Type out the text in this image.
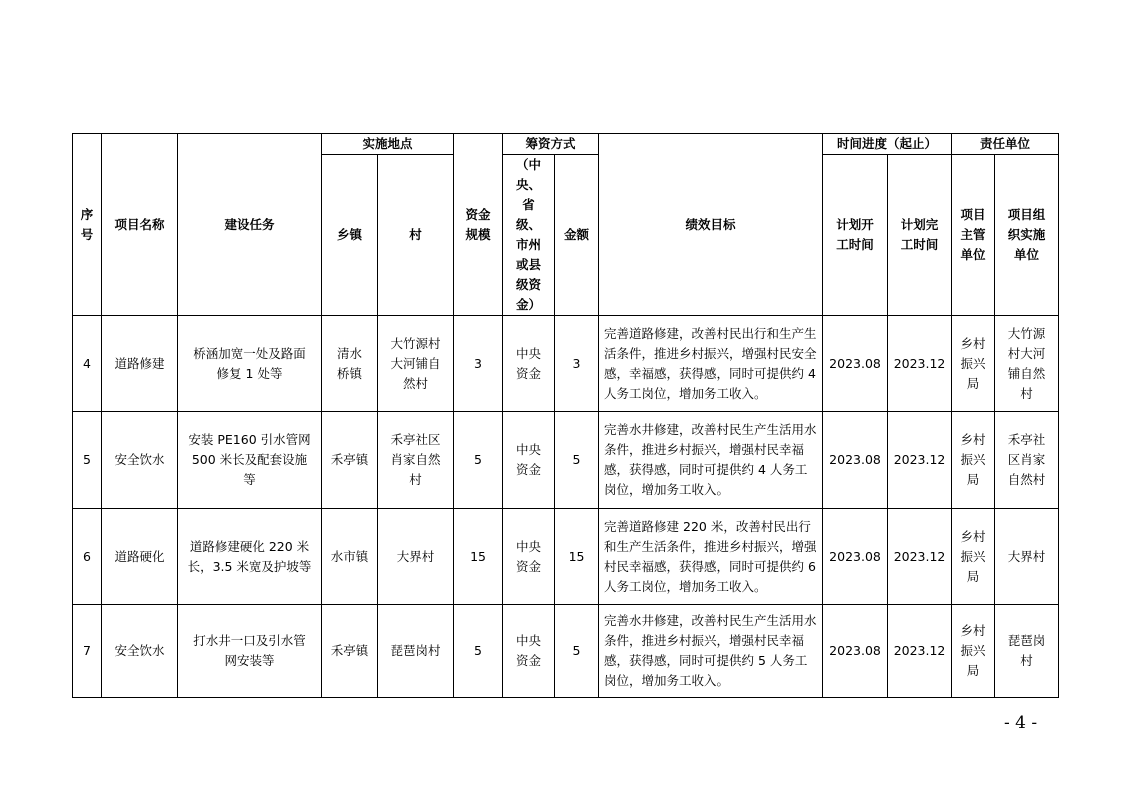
序号	项目名称	建设任务	实施地点		资金规模	筹资方式		绩效目标	时间进度（起止）		责任单位	
			乡镇	村		（中央、省级、市州或县级资金）	金额		计划开工时间	计划完工时间	项目主管单位	项目组织实施单位
4	道路修建	桥涵加宽一处及路面修复 1 处等	清水桥镇	大竹源村大河铺自然村	3	中央资金	3	完善道路修建，改善村民出行和生产生活条件，推进乡村振兴，增强村民安全感，幸福感，获得感，同时可提供约 4 人务工岗位，增加务工收入。	2023.08	2023.12	乡村振兴局	大竹源村大河铺自然村
5	安全饮水	安装 PE160 引水管网 500 米长及配套设施等	禾亭镇	禾亭社区肖家自然村	5	中央资金	5	完善水井修建，改善村民生产生活用水条件，推进乡村振兴，增强村民幸福感，获得感，同时可提供约 4 人务工岗位，增加务工收入。	2023.08	2023.12	乡村振兴局	禾亭社区肖家自然村
6	道路硬化	道路修建硬化 220 米长，3.5 米宽及护坡等	水市镇	大界村	15	中央资金	15	完善道路修建 220 米，改善村民出行和生产生活条件，推进乡村振兴，增强村民幸福感，获得感，同时可提供约 6 人务工岗位，增加务工收入。	2023.08	2023.12	乡村振兴局	大界村
7	安全饮水	打水井一口及引水管网安装等	禾亭镇	琵琶岗村	5	中央资金	5	完善水井修建，改善村民生产生活用水条件，推进乡村振兴，增强村民幸福感，获得感，同时可提供约 5 人务工岗位，增加务工收入。	2023.08	2023.12	乡村振兴局	琵琶岗村
- 4 -
